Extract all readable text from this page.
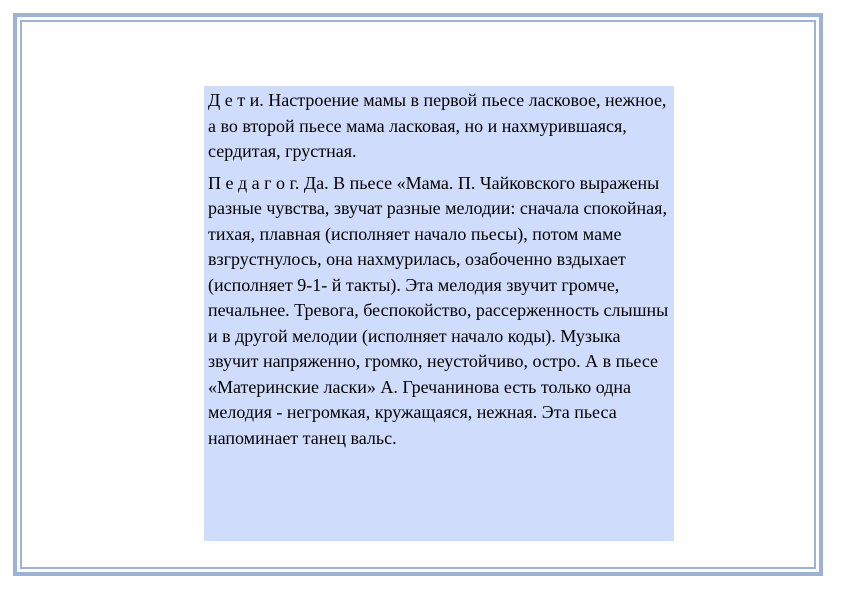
Д е т и. Настроение мамы в первой пьесе ласковое, нежное, а во второй пьесе мама ласковая, но и нахмурившаяся, сердитая, грустная.

П е д а г о г. Да. В пьесе «Мама. П. Чайковского выражены разные чувства, звучат разные мелодии: сначала спокойная, тихая, плавная (исполняет начало пьесы), потом маме взгрустнулось, она нахмурилась, озабоченно вздыхает (исполняет 9-1- й такты). Эта мелодия звучит громче, печальнее. Тревога, беспокойство, рассерженность слышны и в другой мелодии (исполняет начало коды). Музыка звучит напряженно, громко, неустойчиво, остро. А в пьесе «Материнские ласки» А. Гречанинова есть только одна мелодия - негромкая, кружащаяся, нежная. Эта пьеса напоминает танец вальс.
